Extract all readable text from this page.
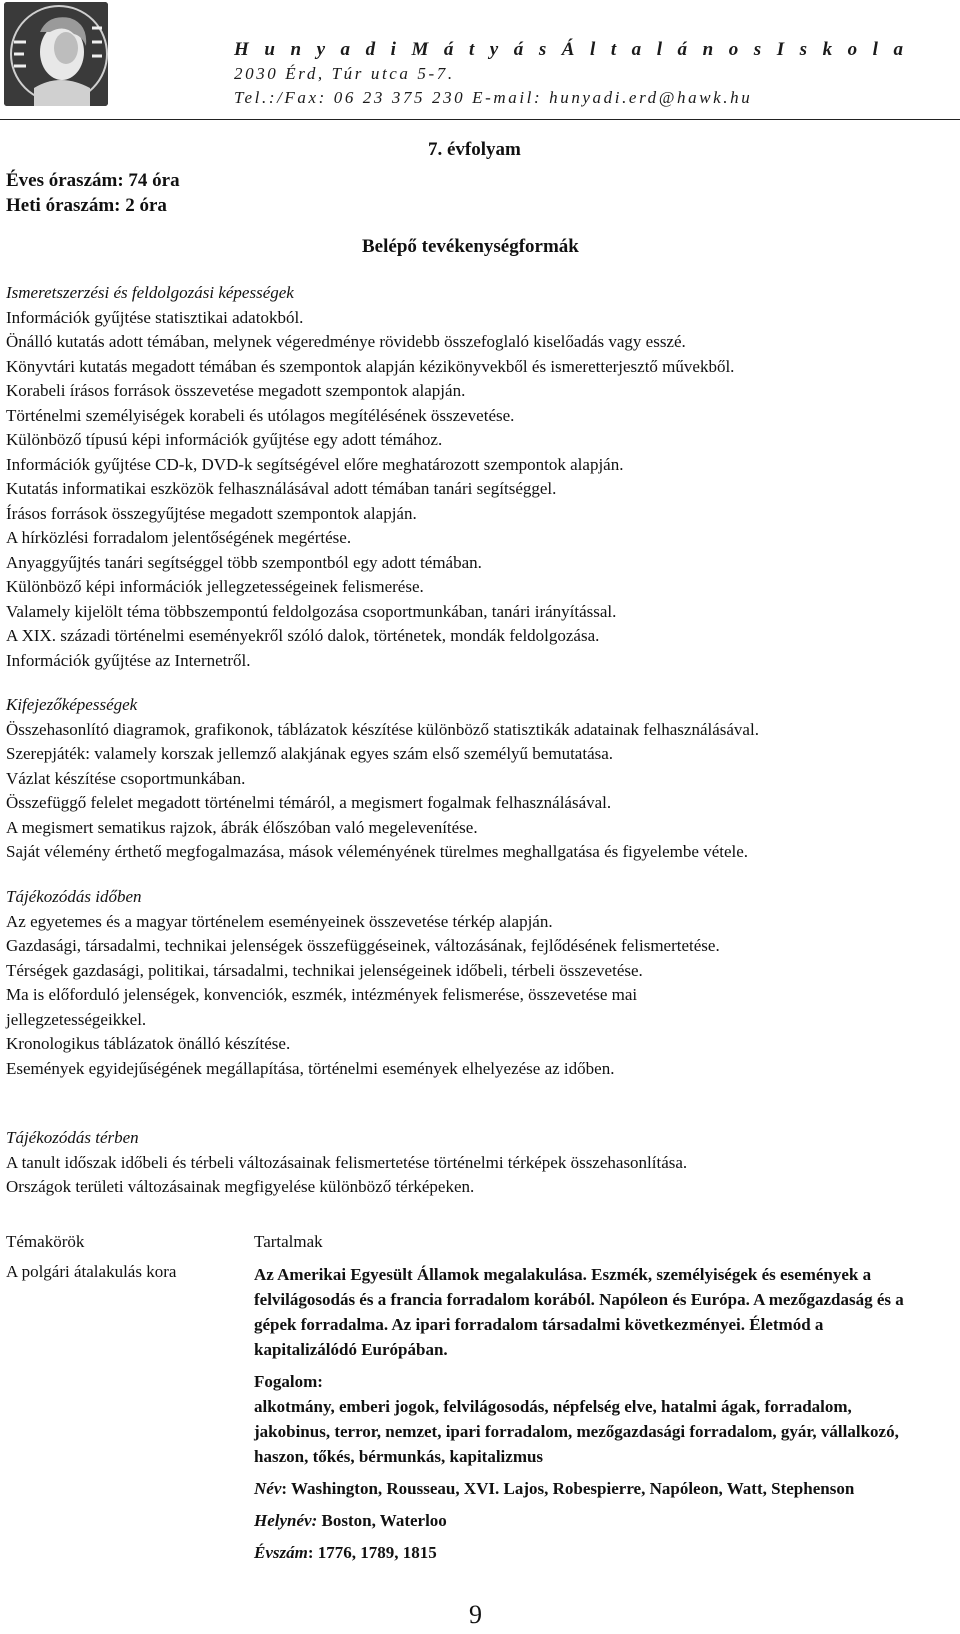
H u n y a d i M á t y á s Á l t a l á n o s I s k o l a
2030 Érd, Túr utca 5-7.
Tel.:/Fax: 06 23 375 230 E-mail: hunyadi.erd@hawk.hu
7. évfolyam
Éves óraszám: 74 óra
Heti óraszám: 2 óra
Belépő tevékenységformák
Ismeretszerzési és feldolgozási képességek
Információk gyűjtése statisztikai adatokból.
Önálló kutatás adott témában, melynek végeredménye rövidebb összefoglaló kiselőadás vagy esszé.
Könyvtári kutatás megadott témában és szempontok alapján kézikönyvekből és ismeretterjesztő művekből.
Korabeli írásos források összevetése megadott szempontok alapján.
Történelmi személyiségek korabeli és utólagos megítélésének összevetése.
Különböző típusú képi információk gyűjtése egy adott témához.
Információk gyűjtése CD-k, DVD-k segítségével előre meghatározott szempontok alapján.
Kutatás informatikai eszközök felhasználásával adott témában tanári segítséggel.
Írásos források összegyűjtése megadott szempontok alapján.
A hírközlési forradalom jelentőségének megértése.
Anyaggyűjtés tanári segítséggel több szempontból egy adott témában.
Különböző képi információk jellegzetességeinek felismerése.
Valamely kijelölt téma többszempontú feldolgozása csoportmunkában, tanári irányítással.
A XIX. századi történelmi eseményekről szóló dalok, történetek, mondák feldolgozása.
Információk gyűjtése az Internetről.
Kifejezőképességek
Összehasonlító diagramok, grafikonok, táblázatok készítése különböző statisztikák adatainak felhasználásával.
Szerepjáték: valamely korszak jellemző alakjának egyes szám első személyű bemutatása.
Vázlat készítése csoportmunkában.
Összefüggő felelet megadott történelmi témáról, a megismert fogalmak felhasználásával.
A megismert sematikus rajzok, ábrák élőszóban való megelevenítése.
Saját vélemény érthető megfogalmazása, mások véleményének türelmes meghallgatása és figyelembe vétele.
Tájékozódás időben
Az egyetemes és a magyar történelem eseményeinek összevetése térkép alapján.
Gazdasági, társadalmi, technikai jelenségek összefüggéseinek, változásának, fejlődésének felismertetése.
Térségek gazdasági, politikai, társadalmi, technikai jelenségeinek időbeli, térbeli összevetése.
Ma is előforduló jelenségek, konvenciók, eszmék, intézmények felismerése, összevetése mai
jellegzetességeikkel.
Kronologikus táblázatok önálló készítése.
Események egyidejűségének megállapítása, történelmi események elhelyezése az időben.
Tájékozódás térben
A tanult időszak időbeli és térbeli változásainak felismertetése történelmi térképek összehasonlítása.
Országok területi változásainak megfigyelése különböző térképeken.
Témakörök	Tartalmak
A polgári átalakulás kora	Az Amerikai Egyesült Államok megalakulása. Eszmék, személyiségek és események a felvilágosodás és a francia forradalom korából. Napóleon és Európa. A mezőgazdaság és a gépek forradalma. Az ipari forradalom társadalmi következményei. Életmód a kapitalizálódó Európában.

Fogalom:
alkotmány, emberi jogok, felvilágosodás, népfelség elve, hatalmi ágak, forradalom, jakobinus, terror, nemzet, ipari forradalom, mezőgazdasági forradalom, gyár, vállalkozó, haszon, tőkés, bérmunkás, kapitalizmus

Név: Washington, Rousseau, XVI. Lajos, Robespierre, Napóleon, Watt, Stephenson

Helynév: Boston, Waterloo

Évszám: 1776, 1789, 1815

9
